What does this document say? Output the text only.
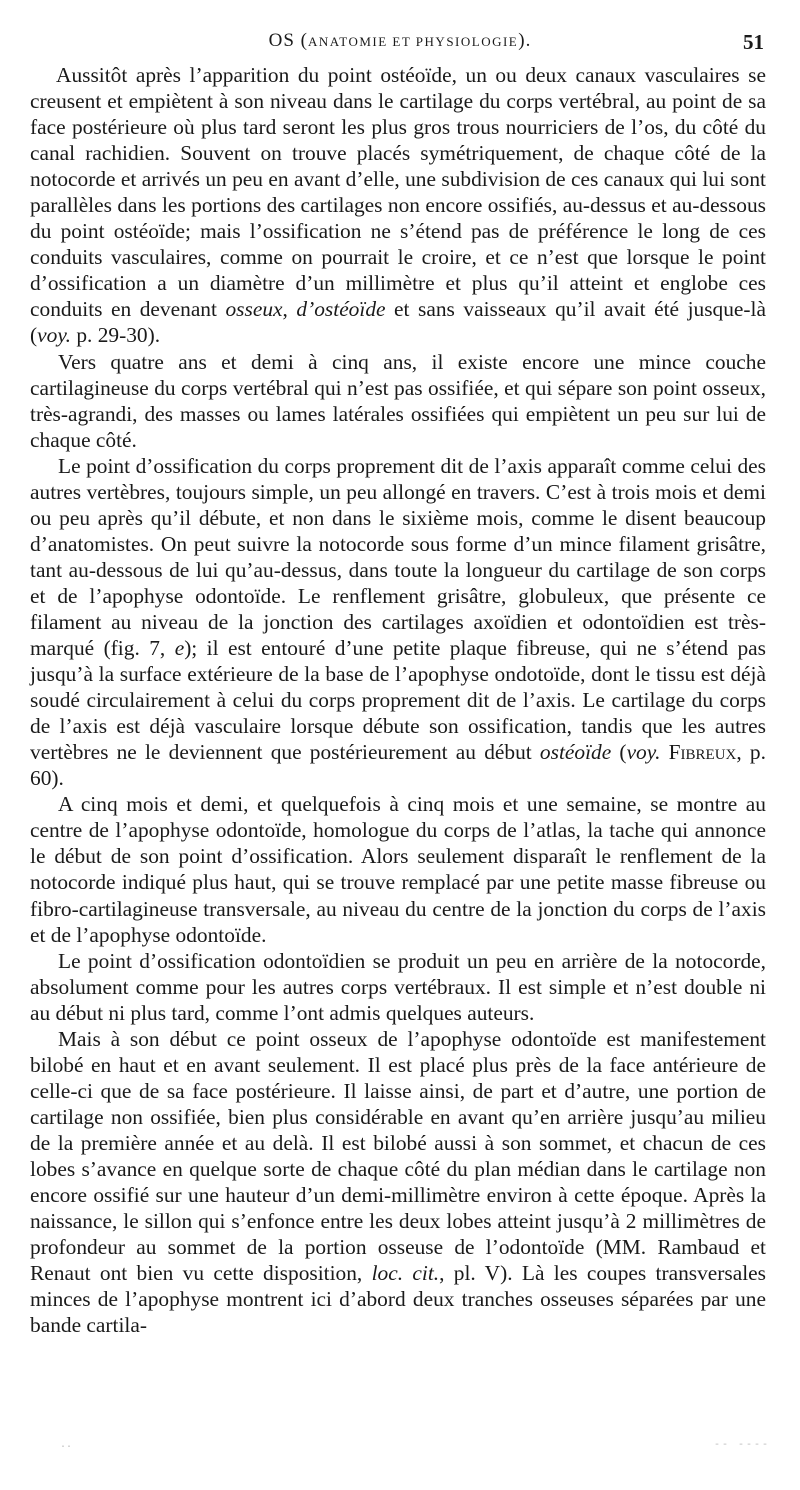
OS (ANATOMIE ET PHYSIOLOGIE).	51

Aussitôt après l’apparition du point ostéoïde, un ou deux canaux vasculaires se creusent et empiètent à son niveau dans le cartilage du corps vertébral, au point de sa face postérieure où plus tard seront les plus gros trous nourriciers de l’os, du côté du canal rachidien. Souvent on trouve placés symétriquement, de chaque côté de la notocorde et arrivés un peu en avant d’elle, une subdivision de ces canaux qui lui sont parallèles dans les portions des cartilages non encore ossifiés, au-dessus et au-dessous du point ostéoïde; mais l’ossification ne s’étend pas de préférence le long de ces conduits vasculaires, comme on pourrait le croire, et ce n’est que lorsque le point d’ossification a un diamètre d’un millimètre et plus qu’il atteint et englobe ces conduits en devenant osseux, d’ostéoïde et sans vaisseaux qu’il avait été jusque-là (voy. p. 29-30).

Vers quatre ans et demi à cinq ans, il existe encore une mince couche cartilagineuse du corps vertébral qui n’est pas ossifiée, et qui sépare son point osseux, très-agrandi, des masses ou lames latérales ossifiées qui empiètent un peu sur lui de chaque côté.

Le point d’ossification du corps proprement dit de l’axis apparaît comme celui des autres vertèbres, toujours simple, un peu allongé en travers. C’est à trois mois et demi ou peu après qu’il débute, et non dans le sixième mois, comme le disent beaucoup d’anatomistes. On peut suivre la notocorde sous forme d’un mince filament grisâtre, tant au-dessous de lui qu’au-dessus, dans toute la longueur du cartilage de son corps et de l’apophyse odontoïde. Le renflement grisâtre, globuleux, que présente ce filament au niveau de la jonction des cartilages axoïdien et odontoïdien est très-marqué (fig. 7, e); il est entouré d’une petite plaque fibreuse, qui ne s’étend pas jusqu’à la surface extérieure de la base de l’apophyse ondotoïde, dont le tissu est déjà soudé circulairement à celui du corps proprement dit de l’axis. Le cartilage du corps de l’axis est déjà vasculaire lorsque débute son ossification, tandis que les autres vertèbres ne le deviennent que postérieurement au début ostéoïde (voy. Fibreux, p. 60).

A cinq mois et demi, et quelquefois à cinq mois et une semaine, se montre au centre de l’apophyse odontoïde, homologue du corps de l’atlas, la tache qui annonce le début de son point d’ossification. Alors seulement disparaît le renflement de la notocorde indiqué plus haut, qui se trouve remplacé par une petite masse fibreuse ou fibro-cartilagineuse transversale, au niveau du centre de la jonction du corps de l’axis et de l’apophyse odontoïde.

Le point d’ossification odontoïdien se produit un peu en arrière de la notocorde, absolument comme pour les autres corps vertébraux. Il est simple et n’est double ni au début ni plus tard, comme l’ont admis quelques auteurs.

Mais à son début ce point osseux de l’apophyse odontoïde est manifestement bilobé en haut et en avant seulement. Il est placé plus près de la face antérieure de celle-ci que de sa face postérieure. Il laisse ainsi, de part et d’autre, une portion de cartilage non ossifiée, bien plus considérable en avant qu’en arrière jusqu’au milieu de la première année et au delà. Il est bilobé aussi à son sommet, et chacun de ces lobes s’avance en quelque sorte de chaque côté du plan médian dans le cartilage non encore ossifié sur une hauteur d’un demi-millimètre environ à cette époque. Après la naissance, le sillon qui s’enfonce entre les deux lobes atteint jusqu’à 2 millimètres de profondeur au sommet de la portion osseuse de l’odontoïde (MM. Rambaud et Renaut ont bien vu cette disposition, loc. cit., pl. V). Là les coupes transversales minces de l’apophyse montrent ici d’abord deux tranches osseuses séparées par une bande cartila-

..	-- ----
